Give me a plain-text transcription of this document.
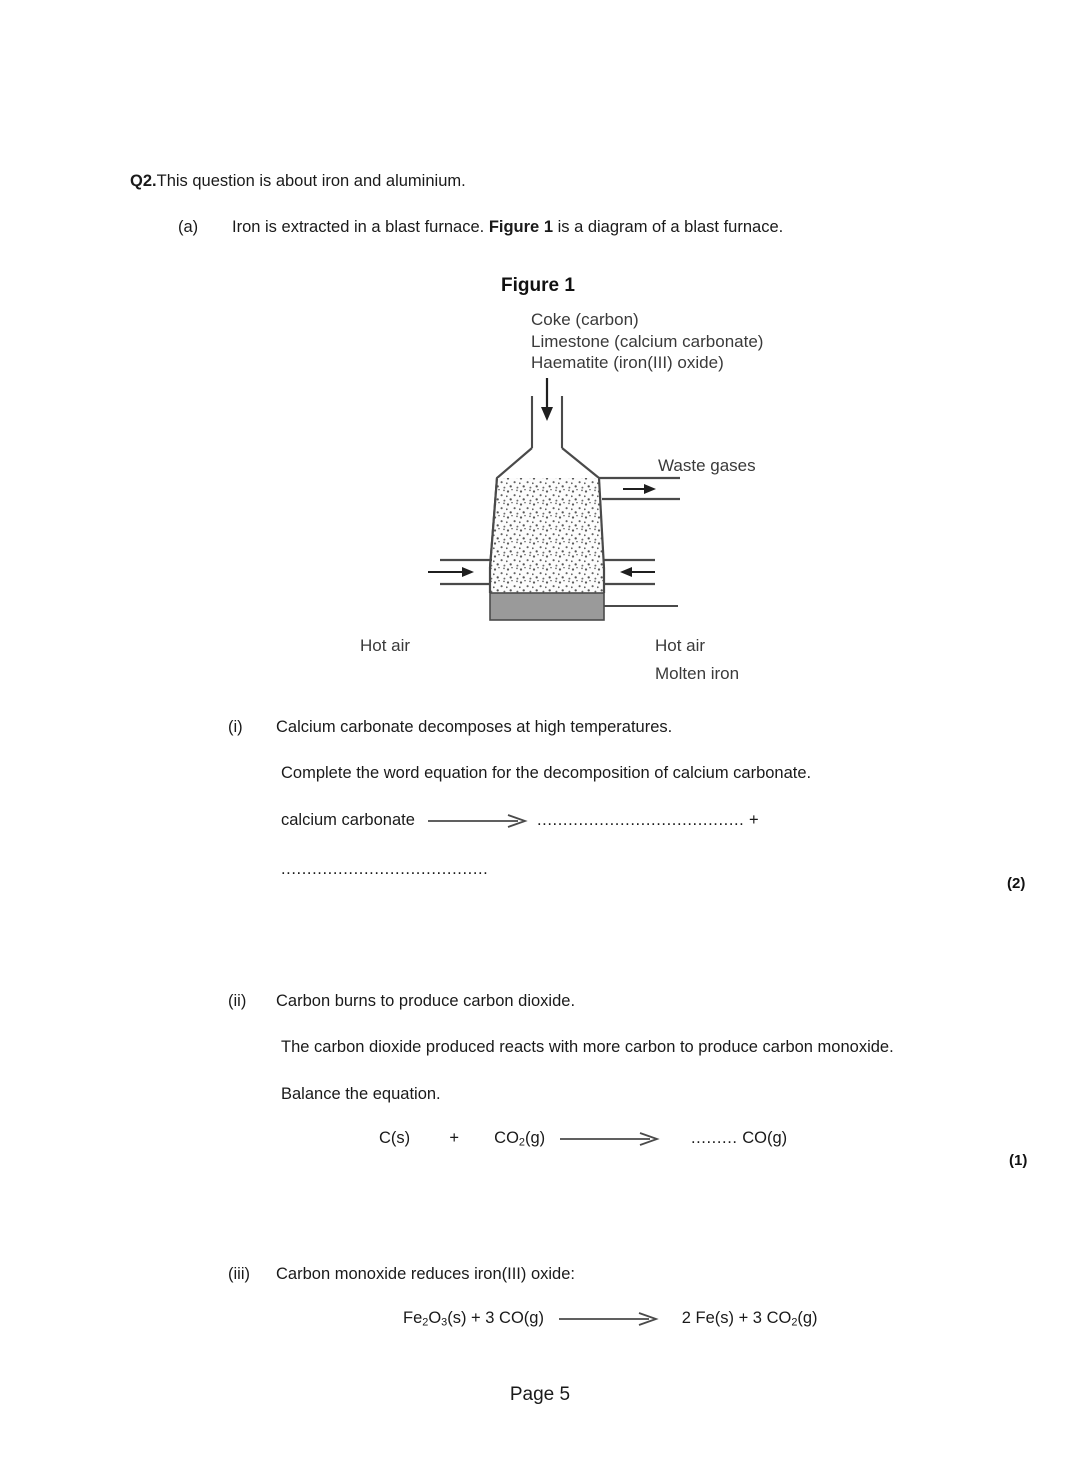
Q2.This question is about iron and aluminium.
(a) Iron is extracted in a blast furnace. Figure 1 is a diagram of a blast furnace.
Figure 1
Coke (carbon)
Limestone (calcium carbonate)
Haematite (iron(III) oxide)
Waste gases
Hot air	Hot air
Molten iron
(i) Calcium carbonate decomposes at high temperatures.
Complete the word equation for the decomposition of calcium carbonate.
calcium carbonate	........................................ +
........................................
(2)
(ii) Carbon burns to produce carbon dioxide.
The carbon dioxide produced reacts with more carbon to produce carbon monoxide.
Balance the equation.
$C(s) + CO_2(g)$	......... CO(g)
(1)
(iii) Carbon monoxide reduces iron(III) oxide:
$Fe_2O_3(s) + 3$ CO(g)	2 Fe(s) + 3 $CO_2(g)$
Page 5
